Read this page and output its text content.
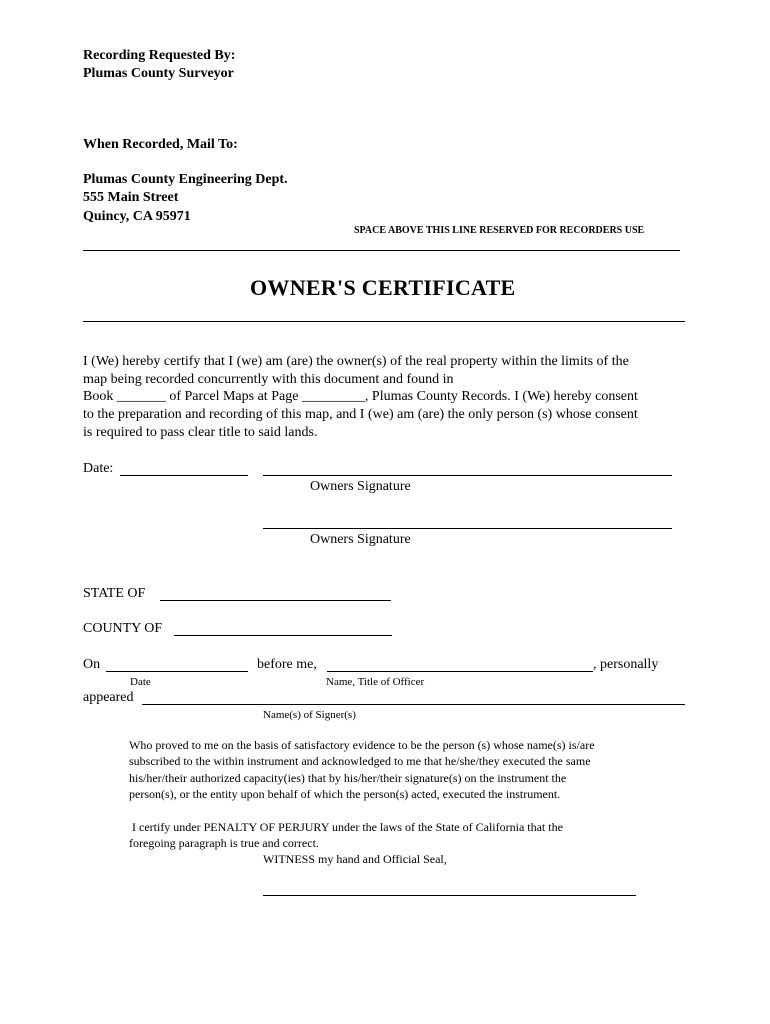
Recording Requested By:
Plumas County Surveyor
When Recorded, Mail To:
Plumas County Engineering Dept.
555 Main Street
Quincy, CA 95971
SPACE ABOVE THIS LINE RESERVED FOR RECORDERS USE
OWNER'S CERTIFICATE
I (We) hereby certify that I (we) am (are) the owner(s) of the real property within the limits of the
map being recorded concurrently with this document and found in
Book _______ of Parcel Maps at Page _________, Plumas County Records. I (We) hereby consent
to the preparation and recording of this map, and I (we) am (are) the only person (s) whose consent
is required to pass clear title to said lands.
Date:
Owners Signature
Owners Signature
STATE OF
COUNTY OF
On	before me,	, personally
Date	Name, Title of Officer
appeared
Name(s) of Signer(s)
Who proved to me on the basis of satisfactory evidence to be the person (s) whose name(s) is/are
subscribed to the within instrument and acknowledged to me that he/she/they executed the same
his/her/their authorized capacity(ies) that by his/her/their signature(s) on the instrument the
person(s), or the entity upon behalf of which the person(s) acted, executed the instrument.
I certify under PENALTY OF PERJURY under the laws of the State of California that the
foregoing paragraph is true and correct.
WITNESS my hand and Official Seal,
